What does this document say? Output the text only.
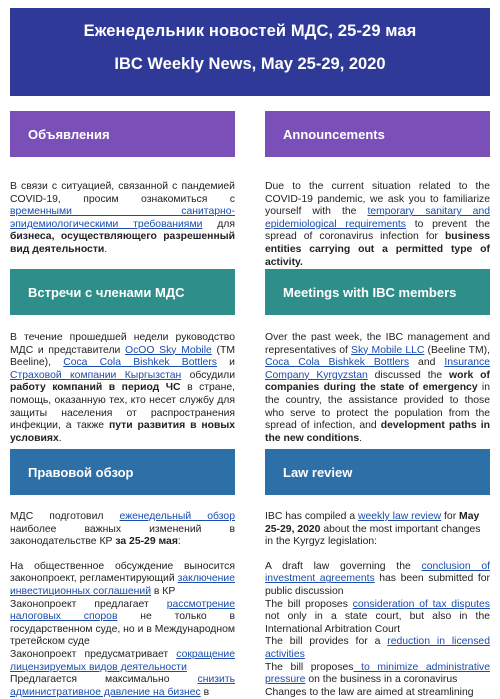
Еженедельник новостей МДС, 25-29 мая
IBC Weekly News, May 25-29, 2020
Объявления	Announcements

В связи с ситуацией, связанной с пандемией COVID-19, просим ознакомиться с временными санитарно-эпидемиологическими требованиями для бизнеса, осуществляющего разрешенный вид деятельности.

Due to the current situation related to the COVID-19 pandemic, we ask you to familiarize yourself with the temporary sanitary and epidemiological requirements to prevent the spread of coronavirus infection for business entities carrying out a permitted type of activity.

Встречи с членами МДС	Meetings with IBC members

В течение прошедшей недели руководство МДС и представители ОсОО Sky Mobile (ТМ Beeline), Coca Cola Bishkek Bottlers и Страховой компании Кыргызстан обсудили работу компаний в период ЧС в стране, помощь, оказанную тех, кто несет службу для защиты населения от распространения инфекции, а также пути развития в новых условиях.

Over the past week, the IBC management and representatives of Sky Mobile LLC (Beeline TM), Coca Cola Bishkek Bottlers and Insurance Company Kyrgyzstan discussed the work of companies during the state of emergency in the country, the assistance provided to those who serve to protect the population from the spread of infection, and development paths in the new conditions.

Правовой обзор	Law review

МДС подготовил еженедельный обзор наиболее важных изменений в законодательстве КР за 25-29 мая:

На общественное обсуждение выносится законопроект, регламентирующий заключение инвестиционных соглашений в КР

Законопроект предлагает рассмотрение налоговых споров не только в государственном суде, но и в Международном третейском суде

Законопроект предусматривает сокращение лицензируемых видов деятельности

Предлагается максимально снизить административное давление на бизнес в

IBC has compiled a weekly law review for May 25-29, 2020 about the most important changes in the Kyrgyz legislation:

A draft law governing the conclusion of investment agreements has been submitted for public discussion

The bill proposes consideration of tax disputes not only in a state court, but also in the International Arbitration Court

The bill provides for a reduction in licensed activities

The bill proposes to minimize administrative pressure on the business in a coronavirus

Changes to the law are aimed at streamlining
